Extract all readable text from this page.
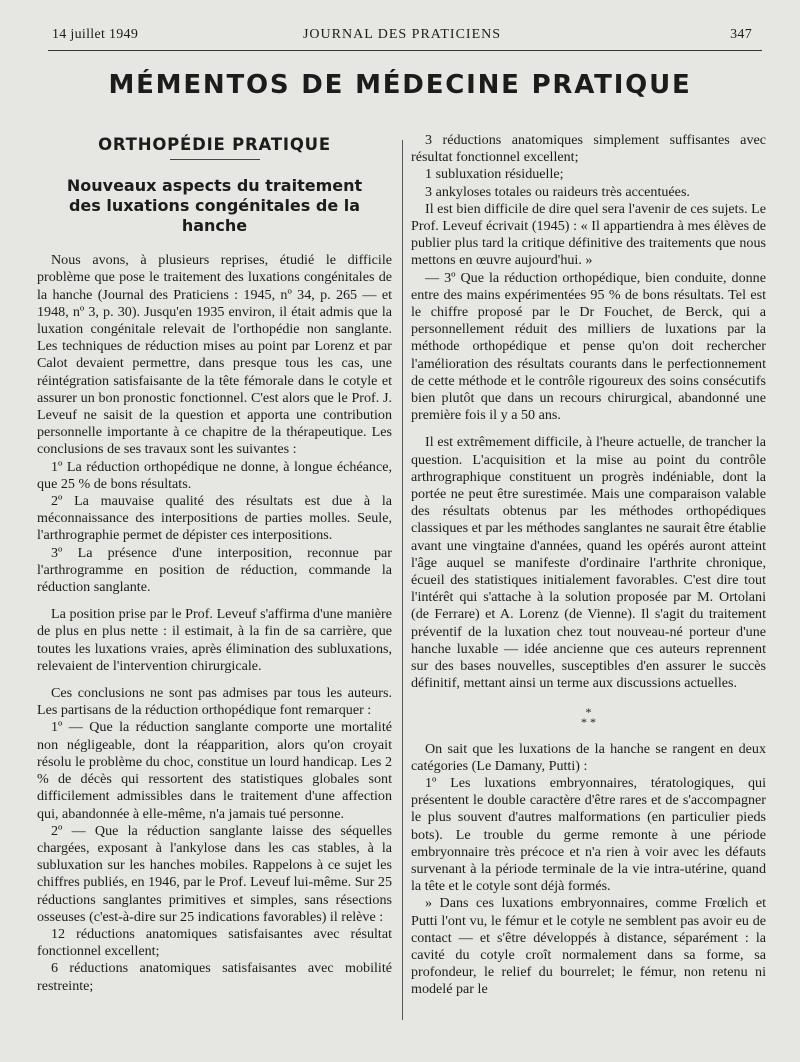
14 juillet 1949	JOURNAL DES PRATICIENS	347
MÉMENTOS DE MÉDECINE PRATIQUE
ORTHOPÉDIE PRATIQUE
Nouveaux aspects du traitement
des luxations congénitales de la hanche

Nous avons, à plusieurs reprises, étudié le difficile problème que pose le traitement des luxations congénitales de la hanche (Journal des Praticiens : 1945, nº 34, p. 265 — et 1948, nº 3, p. 30). Jusqu'en 1935 environ, il était admis que la luxation congénitale relevait de l'orthopédie non sanglante. Les techniques de réduction mises au point par Lorenz et par Calot devaient permettre, dans presque tous les cas, une réintégration satisfaisante de la tête fémorale dans le cotyle et assurer un bon pronostic fonctionnel. C'est alors que le Prof. J. Leveuf ne saisit de la question et apporta une contribution personnelle importante à ce chapitre de la thérapeutique. Les conclusions de ses travaux sont les suivantes :

1º La réduction orthopédique ne donne, à longue échéance, que 25 % de bons résultats.

2º La mauvaise qualité des résultats est due à la méconnaissance des interpositions de parties molles. Seule, l'arthrographie permet de dépister ces interpositions.

3º La présence d'une interposition, reconnue par l'arthrogramme en position de réduction, commande la réduction sanglante.

La position prise par le Prof. Leveuf s'affirma d'une manière de plus en plus nette : il estimait, à la fin de sa carrière, que toutes les luxations vraies, après élimination des subluxations, relevaient de l'intervention chirurgicale.

Ces conclusions ne sont pas admises par tous les auteurs. Les partisans de la réduction orthopédique font remarquer :

1º — Que la réduction sanglante comporte une mortalité non négligeable, dont la réapparition, alors qu'on croyait résolu le problème du choc, constitue un lourd handicap. Les 2 % de décès qui ressortent des statistiques globales sont difficilement admissibles dans le traitement d'une affection qui, abandonnée à elle-même, n'a jamais tué personne.

2º — Que la réduction sanglante laisse des séquelles chargées, exposant à l'ankylose dans les cas stables, à la subluxation sur les hanches mobiles. Rappelons à ce sujet les chiffres publiés, en 1946, par le Prof. Leveuf lui-même. Sur 25 réductions sanglantes primitives et simples, sans résections osseuses (c'est-à-dire sur 25 indications favorables) il relève :

12 réductions anatomiques satisfaisantes avec résultat fonctionnel excellent;

6 réductions anatomiques satisfaisantes avec mobilité restreinte;

3 réductions anatomiques simplement suffisantes avec résultat fonctionnel excellent;

1 subluxation résiduelle;

3 ankyloses totales ou raideurs très accentuées.

Il est bien difficile de dire quel sera l'avenir de ces sujets. Le Prof. Leveuf écrivait (1945) : « Il appartiendra à mes élèves de publier plus tard la critique définitive des traitements que nous mettons en œuvre aujourd'hui. »

— 3º Que la réduction orthopédique, bien conduite, donne entre des mains expérimentées 95 % de bons résultats. Tel est le chiffre proposé par le Dr Fouchet, de Berck, qui a personnellement réduit des milliers de luxations par la méthode orthopédique et pense qu'on doit rechercher l'amélioration des résultats courants dans le perfectionnement de cette méthode et le contrôle rigoureux des soins consécutifs bien plutôt que dans un recours chirurgical, abandonné une première fois il y a 50 ans.

Il est extrêmement difficile, à l'heure actuelle, de trancher la question. L'acquisition et la mise au point du contrôle arthrographique constituent un progrès indéniable, dont la portée ne peut être surestimée. Mais une comparaison valable des résultats obtenus par les méthodes orthopédiques classiques et par les méthodes sanglantes ne saurait être établie avant une vingtaine d'années, quand les opérés auront atteint l'âge auquel se manifeste d'ordinaire l'arthrite chronique, écueil des statistiques initialement favorables. C'est dire tout l'intérêt qui s'attache à la solution proposée par M. Ortolani (de Ferrare) et A. Lorenz (de Vienne). Il s'agit du traitement préventif de la luxation chez tout nouveau-né porteur d'une hanche luxable — idée ancienne que ces auteurs reprennent sur des bases nouvelles, susceptibles d'en assurer le succès définitif, mettant ainsi un terme aux discussions actuelles.

*
* *

On sait que les luxations de la hanche se rangent en deux catégories (Le Damany, Putti) :

1º Les luxations embryonnaires, tératologiques, qui présentent le double caractère d'être rares et de s'accompagner le plus souvent d'autres malformations (en particulier pieds bots). Le trouble du germe remonte à une période embryonnaire très précoce et n'a rien à voir avec les défauts survenant à la période terminale de la vie intra-utérine, quand la tête et le cotyle sont déjà formés.

» Dans ces luxations embryonnaires, comme Frœlich et Putti l'ont vu, le fémur et le cotyle ne semblent pas avoir eu de contact — et s'être développés à distance, séparément : la cavité du cotyle croît normalement dans sa forme, sa profondeur, le relief du bourrelet; le fémur, non retenu ni modelé par le
